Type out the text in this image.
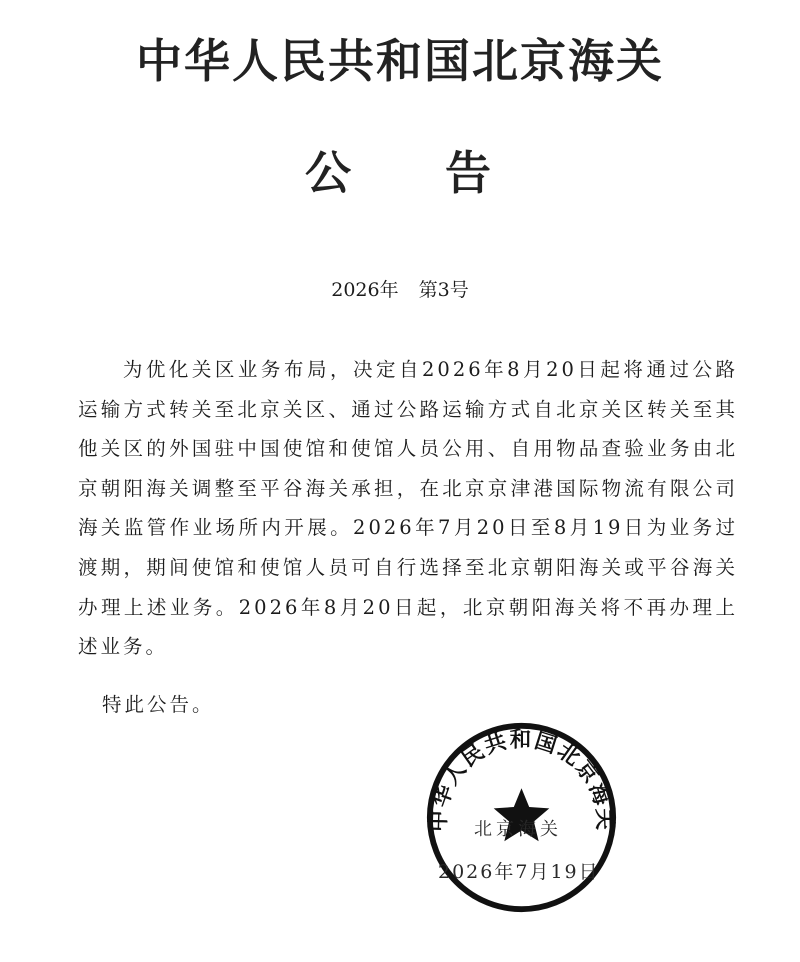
中华人民共和国北京海关
公 告
2026年 第3号

为优化关区业务布局，决定自2026年8月20日起将通过公路运输方式转关至北京关区、通过公路运输方式自北京关区转关至其他关区的外国驻中国使馆和使馆人员公用、自用物品查验业务由北京朝阳海关调整至平谷海关承担，在北京京津港国际物流有限公司海关监管作业场所内开展。2026年7月20日至8月19日为业务过渡期，期间使馆和使馆人员可自行选择至北京朝阳海关或平谷海关办理上述业务。2026年8月20日起，北京朝阳海关将不再办理上述业务。

特此公告。
中华人民共和国北京海关
北京海关
2026年7月19日
